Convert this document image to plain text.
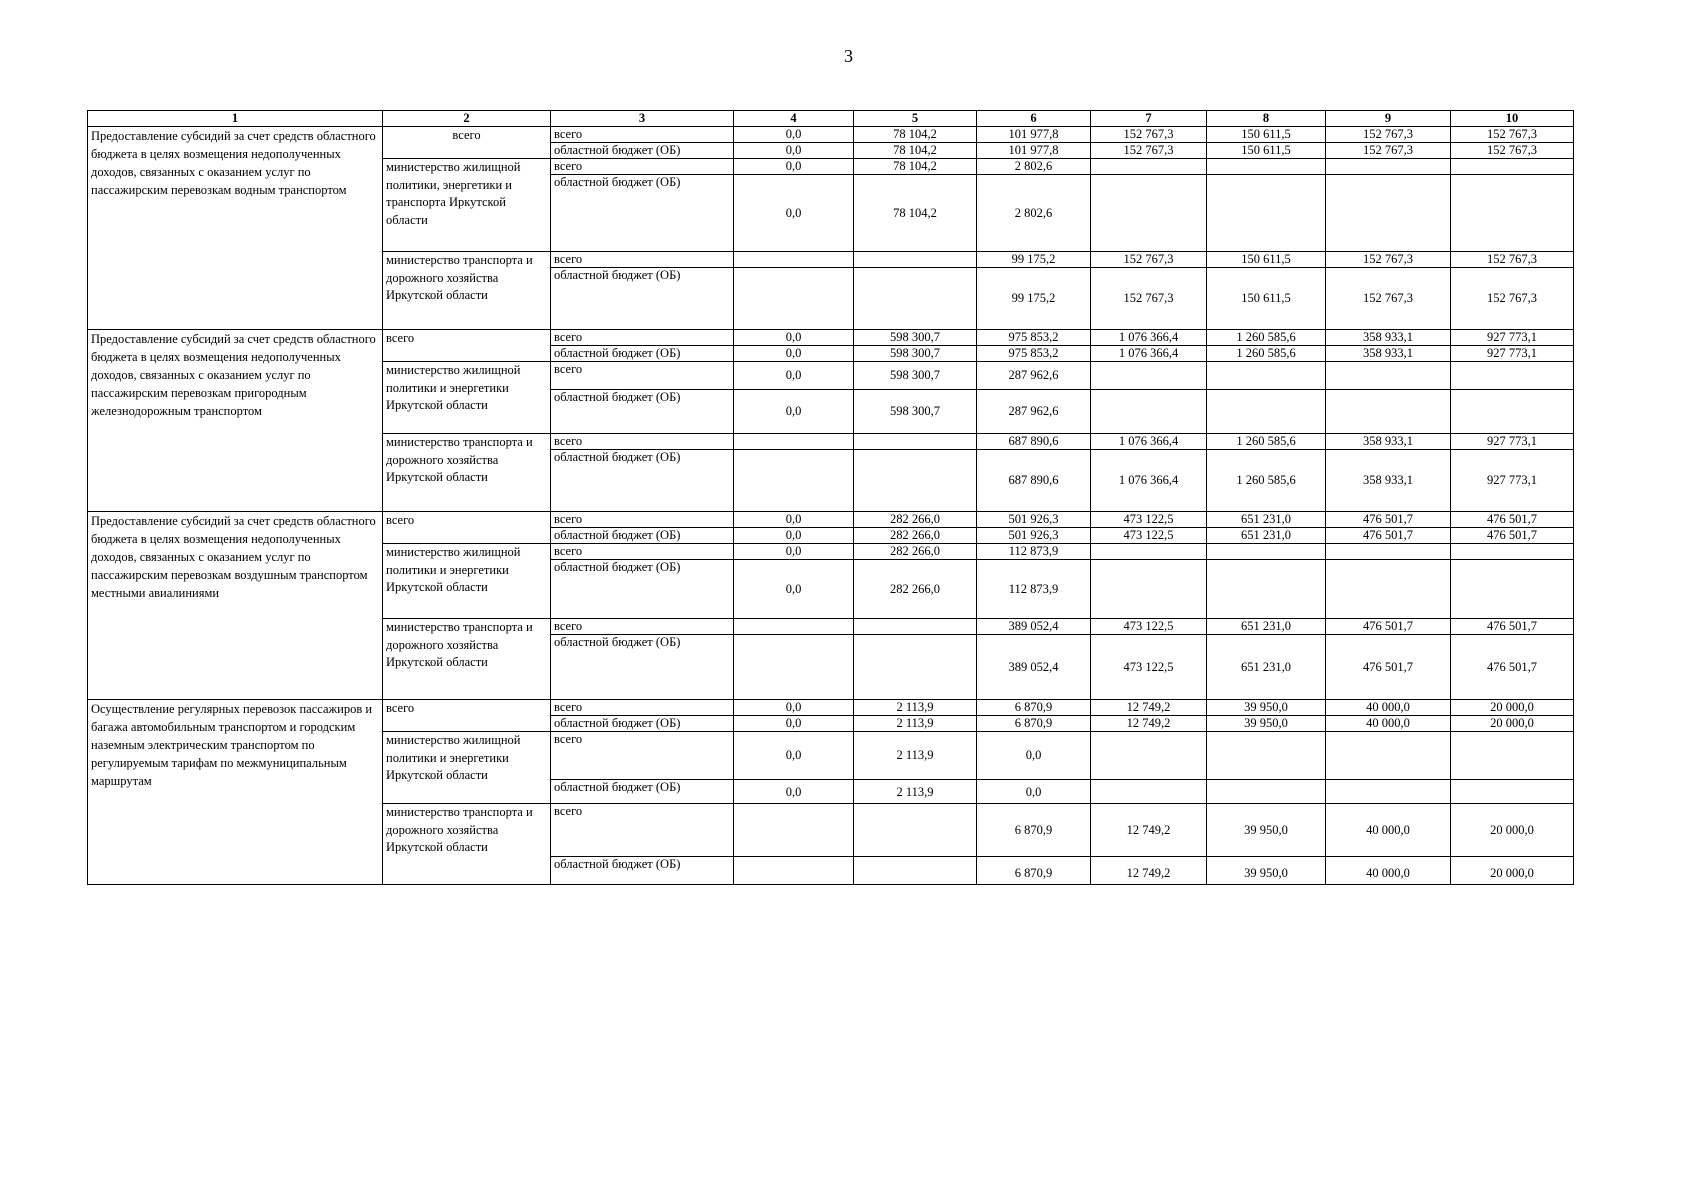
3
1	2	3	4	5	6	7	8	9	10
Предоставление субсидий за счет средств областного бюджета в целях возмещения недополученных доходов, связанных с оказанием услуг по пассажирским перевозкам водным транспортом	всего	всего	0,0	78 104,2	101 977,8	152 767,3	150 611,5	152 767,3	152 767,3
		областной бюджет (ОБ)	0,0	78 104,2	101 977,8	152 767,3	150 611,5	152 767,3	152 767,3
	министерство жилищной политики, энергетики и транспорта Иркутской области	всего	0,0	78 104,2	2 802,6				
		областной бюджет (ОБ)	0,0	78 104,2	2 802,6				
	министерство транспорта и дорожного хозяйства Иркутской области	всего			99 175,2	152 767,3	150 611,5	152 767,3	152 767,3
		областной бюджет (ОБ)			99 175,2	152 767,3	150 611,5	152 767,3	152 767,3
Предоставление субсидий за счет средств областного бюджета в целях возмещения недополученных доходов, связанных с оказанием услуг по пассажирским перевозкам пригородным железнодорожным транспортом	всего	всего	0,0	598 300,7	975 853,2	1 076 366,4	1 260 585,6	358 933,1	927 773,1
		областной бюджет (ОБ)	0,0	598 300,7	975 853,2	1 076 366,4	1 260 585,6	358 933,1	927 773,1
	министерство жилищной политики и энергетики Иркутской области	всего	0,0	598 300,7	287 962,6				
		областной бюджет (ОБ)	0,0	598 300,7	287 962,6				
	министерство транспорта и дорожного хозяйства Иркутской области	всего			687 890,6	1 076 366,4	1 260 585,6	358 933,1	927 773,1
		областной бюджет (ОБ)			687 890,6	1 076 366,4	1 260 585,6	358 933,1	927 773,1
Предоставление субсидий за счет средств областного бюджета в целях возмещения недополученных доходов, связанных с оказанием услуг по пассажирским перевозкам воздушным транспортом местными авиалиниями	всего	всего	0,0	282 266,0	501 926,3	473 122,5	651 231,0	476 501,7	476 501,7
		областной бюджет (ОБ)	0,0	282 266,0	501 926,3	473 122,5	651 231,0	476 501,7	476 501,7
	министерство жилищной политики и энергетики Иркутской области	всего	0,0	282 266,0	112 873,9				
		областной бюджет (ОБ)	0,0	282 266,0	112 873,9				
	министерство транспорта и дорожного хозяйства Иркутской области	всего			389 052,4	473 122,5	651 231,0	476 501,7	476 501,7
		областной бюджет (ОБ)			389 052,4	473 122,5	651 231,0	476 501,7	476 501,7
Осуществление регулярных перевозок пассажиров и багажа автомобильным транспортом и городским наземным электрическим транспортом по регулируемым тарифам по межмуниципальным маршрутам	всего	всего	0,0	2 113,9	6 870,9	12 749,2	39 950,0	40 000,0	20 000,0
		областной бюджет (ОБ)	0,0	2 113,9	6 870,9	12 749,2	39 950,0	40 000,0	20 000,0
	министерство жилищной политики и энергетики Иркутской области	всего	0,0	2 113,9	0,0				
		областной бюджет (ОБ)	0,0	2 113,9	0,0				
	министерство транспорта и дорожного хозяйства Иркутской области	всего			6 870,9	12 749,2	39 950,0	40 000,0	20 000,0
		областной бюджет (ОБ)			6 870,9	12 749,2	39 950,0	40 000,0	20 000,0
